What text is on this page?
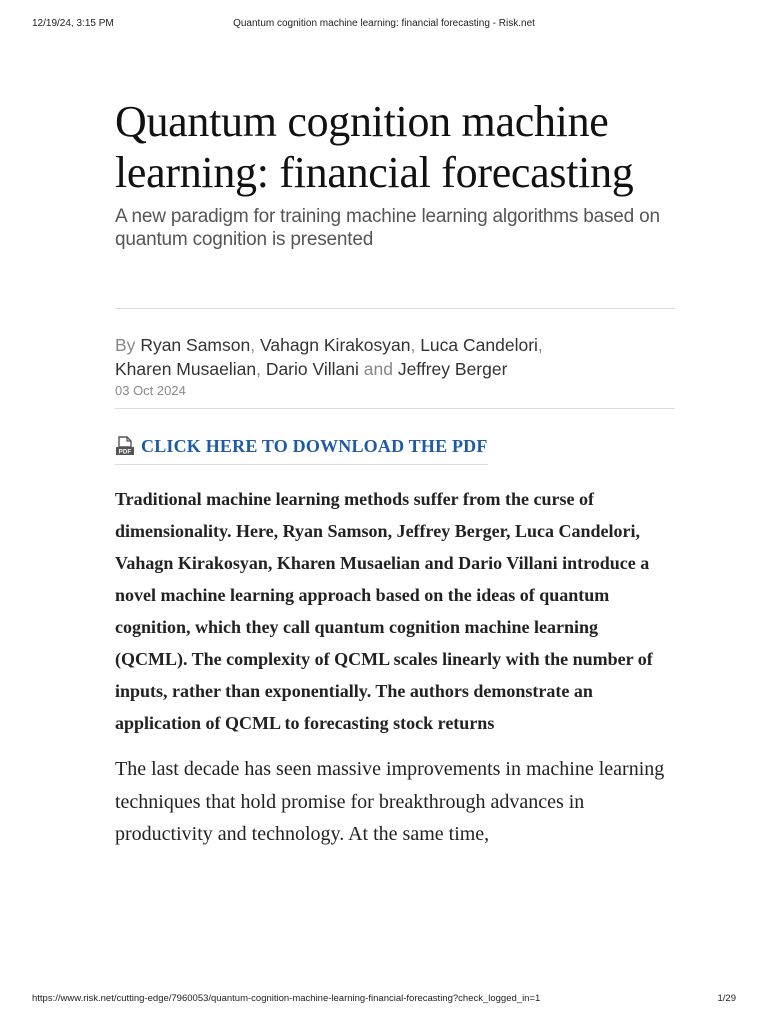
12/19/24, 3:15 PM	Quantum cognition machine learning: financial forecasting - Risk.net
Quantum cognition machine learning: financial forecasting

A new paradigm for training machine learning algorithms based on quantum cognition is presented

By Ryan Samson, Vahagn Kirakosyan, Luca Candelori,
Kharen Musaelian, Dario Villani and Jeffrey Berger
03 Oct 2024
PDF CLICK HERE TO DOWNLOAD THE PDF

Traditional machine learning methods suffer from the curse of dimensionality. Here, Ryan Samson, Jeffrey Berger, Luca Candelori, Vahagn Kirakosyan, Kharen Musaelian and Dario Villani introduce a novel machine learning approach based on the ideas of quantum cognition, which they call quantum cognition machine learning (QCML). The complexity of QCML scales linearly with the number of inputs, rather than exponentially. The authors demonstrate an application of QCML to forecasting stock returns

The last decade has seen massive improvements in machine learning techniques that hold promise for breakthrough advances in productivity and technology. At the same time,

https://www.risk.net/cutting-edge/7960053/quantum-cognition-machine-learning-financial-forecasting?check_logged_in=1	1/29
